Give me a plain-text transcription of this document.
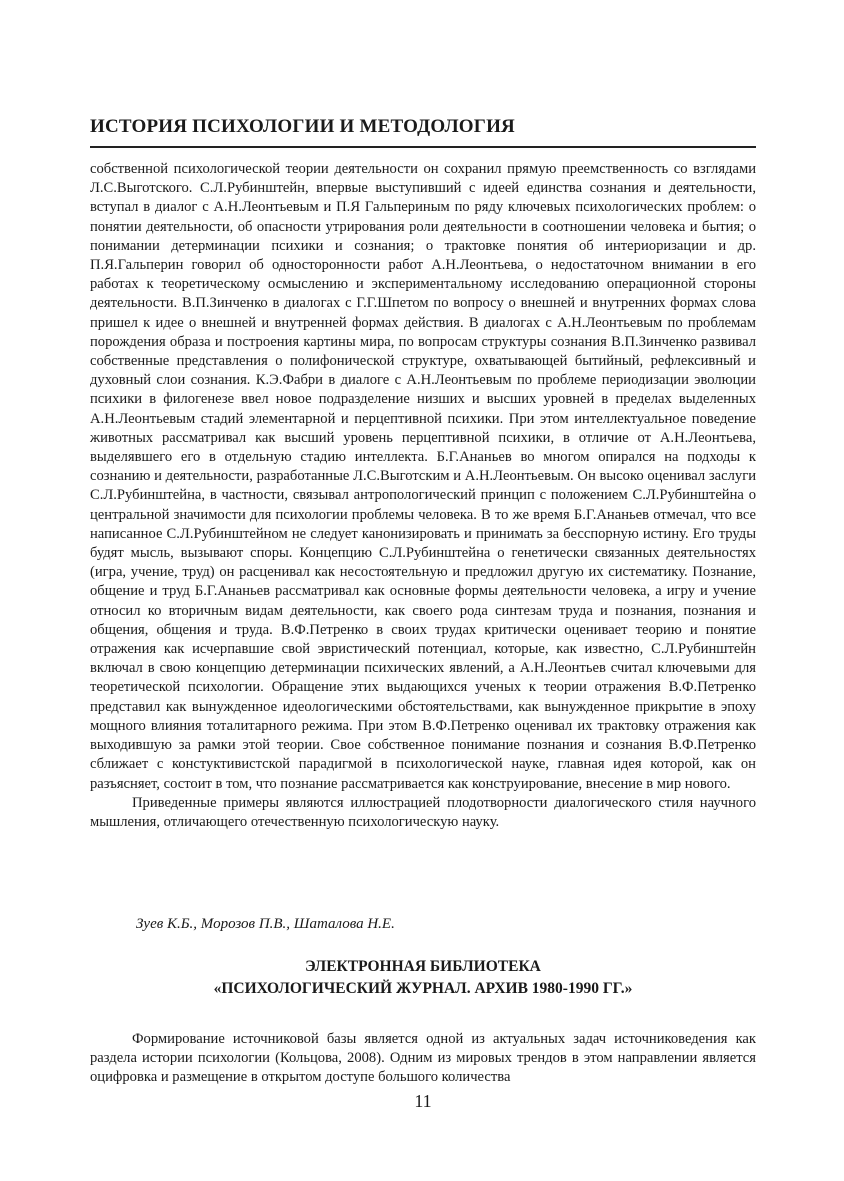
ИСТОРИЯ ПСИХОЛОГИИ И МЕТОДОЛОГИЯ

собственной психологической теории деятельности он сохранил прямую преемственность со взглядами Л.С.Выготского. С.Л.Рубинштейн, впервые выступивший с идеей единства сознания и деятельности, вступал в диалог с А.Н.Леонтьевым и П.Я Гальпериным по ряду ключевых психологических проблем: о понятии деятельности, об опасности утрирования роли деятельности в соотношении человека и бытия; о понимании детерминации психики и сознания; о трактовке понятия об интериоризации и др. П.Я.Гальперин говорил об односторонности работ А.Н.Леонтьева, о недостаточном внимании в его работах к теоретическому осмыслению и экспериментальному исследованию операционной стороны деятельности. В.П.Зинченко в диалогах с Г.Г.Шпетом по вопросу о внешней и внутренних формах слова пришел к идее о внешней и внутренней формах действия. В диалогах с А.Н.Леонтьевым по проблемам порождения образа и построения картины мира, по вопросам структуры сознания В.П.Зинченко развивал собственные представления о полифонической структуре, охватывающей бытийный, рефлексивный и духовный слои сознания. К.Э.Фабри в диалоге с А.Н.Леонтьевым по проблеме периодизации эволюции психики в филогенезе ввел новое подразделение низших и высших уровней в пределах выделенных А.Н.Леонтьевым стадий элементарной и перцептивной психики. При этом интеллектуальное поведение животных рассматривал как высший уровень перцептивной психики, в отличие от А.Н.Леонтьева, выделявшего его в отдельную стадию интеллекта. Б.Г.Ананьев во многом опирался на подходы к сознанию и деятельности, разработанные Л.С.Выготским и А.Н.Леонтьевым. Он высоко оценивал заслуги С.Л.Рубинштейна, в частности, связывал антропологический принцип с положением С.Л.Рубинштейна о центральной значимости для психологии проблемы человека. В то же время Б.Г.Ананьев отмечал, что все написанное С.Л.Рубинштейном не следует канонизировать и принимать за бесспорную истину. Его труды будят мысль, вызывают споры. Концепцию С.Л.Рубинштейна о генетически связанных деятельностях (игра, учение, труд) он расценивал как несостоятельную и предложил другую их систематику. Познание, общение и труд Б.Г.Ананьев рассматривал как основные формы деятельности человека, а игру и учение относил ко вторичным видам деятельности, как своего рода синтезам труда и познания, познания и общения, общения и труда. В.Ф.Петренко в своих трудах критически оценивает теорию и понятие отражения как исчерпавшие свой эвристический потенциал, которые, как известно, С.Л.Рубинштейн включал в свою концепцию детерминации психических явлений, а А.Н.Леонтьев считал ключевыми для теоретической психологии. Обращение этих выдающихся ученых к теории отражения В.Ф.Петренко представил как вынужденное идеологическими обстоятельствами, как вынужденное прикрытие в эпоху мощного влияния тоталитарного режима. При этом В.Ф.Петренко оценивал их трактовку отражения как выходившую за рамки этой теории. Свое собственное понимание познания и сознания В.Ф.Петренко сближает с констуктивистской парадигмой в психологической науке, главная идея которой, как он разъясняет, состоит в том, что познание рассматривается как конструирование, внесение в мир нового.

Приведенные примеры являются иллюстрацией плодотворности диалогического стиля научного мышления, отличающего отечественную психологическую науку.

Зуев К.Б., Морозов П.В., Шаталова Н.Е.

ЭЛЕКТРОННАЯ БИБЛИОТЕКА
«ПСИХОЛОГИЧЕСКИЙ ЖУРНАЛ. АРХИВ 1980-1990 ГГ.»

Формирование источниковой базы является одной из актуальных задач источниковедения как раздела истории психологии (Кольцова, 2008). Одним из мировых трендов в этом направлении является оцифровка и размещение в открытом доступе большого количества

11
